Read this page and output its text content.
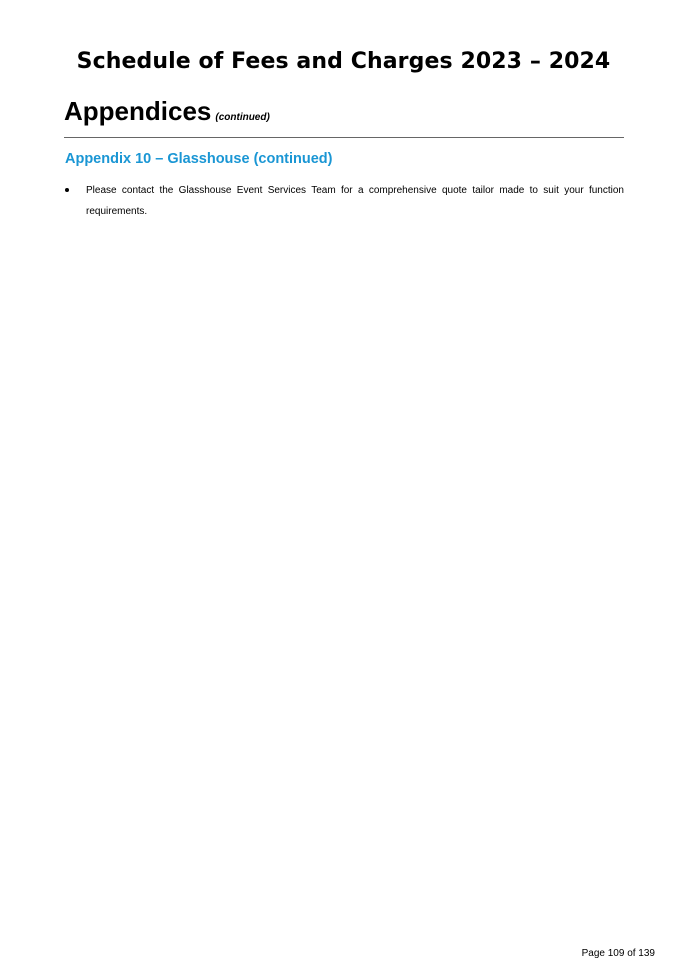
Schedule of Fees and Charges 2023 – 2024
Appendices (continued)
Appendix 10 – Glasshouse (continued)
Please contact the Glasshouse Event Services Team for a comprehensive quote tailor made to suit your function requirements.
Page 109 of 139
